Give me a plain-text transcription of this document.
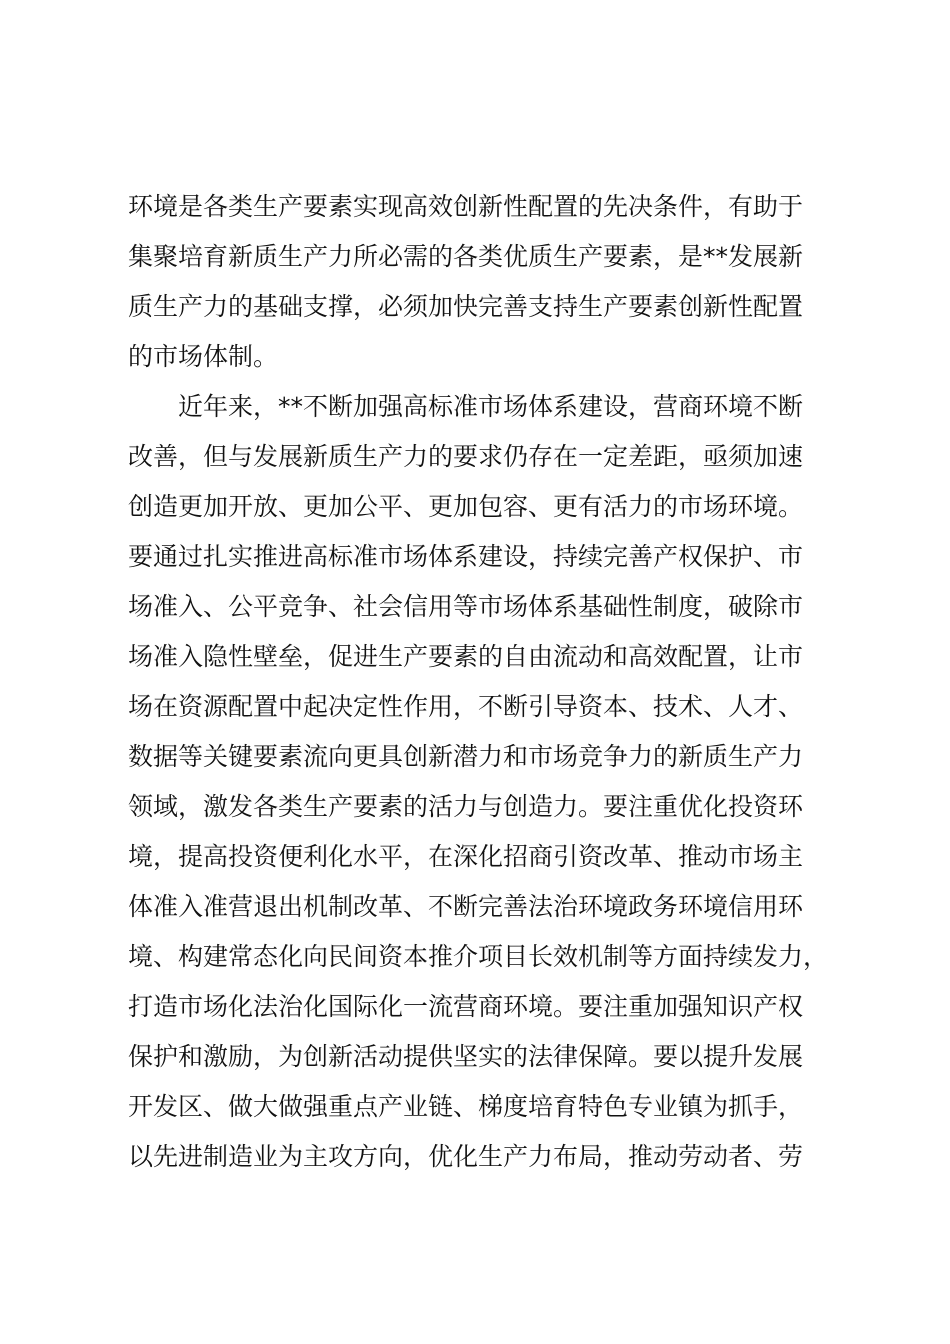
环境是各类生产要素实现高效创新性配置的先决条件，有助于
集聚培育新质生产力所必需的各类优质生产要素，是**发展新
质生产力的基础支撑，必须加快完善支持生产要素创新性配置
的市场体制。
近年来，**不断加强高标准市场体系建设，营商环境不断
改善，但与发展新质生产力的要求仍存在一定差距，亟须加速
创造更加开放、更加公平、更加包容、更有活力的市场环境。
要通过扎实推进高标准市场体系建设，持续完善产权保护、市
场准入、公平竞争、社会信用等市场体系基础性制度，破除市
场准入隐性壁垒，促进生产要素的自由流动和高效配置，让市
场在资源配置中起决定性作用，不断引导资本、技术、人才、
数据等关键要素流向更具创新潜力和市场竞争力的新质生产力
领域，激发各类生产要素的活力与创造力。要注重优化投资环
境，提高投资便利化水平，在深化招商引资改革、推动市场主
体准入准营退出机制改革、不断完善法治环境政务环境信用环
境、构建常态化向民间资本推介项目长效机制等方面持续发力，
打造市场化法治化国际化一流营商环境。要注重加强知识产权
保护和激励，为创新活动提供坚实的法律保障。要以提升发展
开发区、做大做强重点产业链、梯度培育特色专业镇为抓手，
以先进制造业为主攻方向，优化生产力布局，推动劳动者、劳
